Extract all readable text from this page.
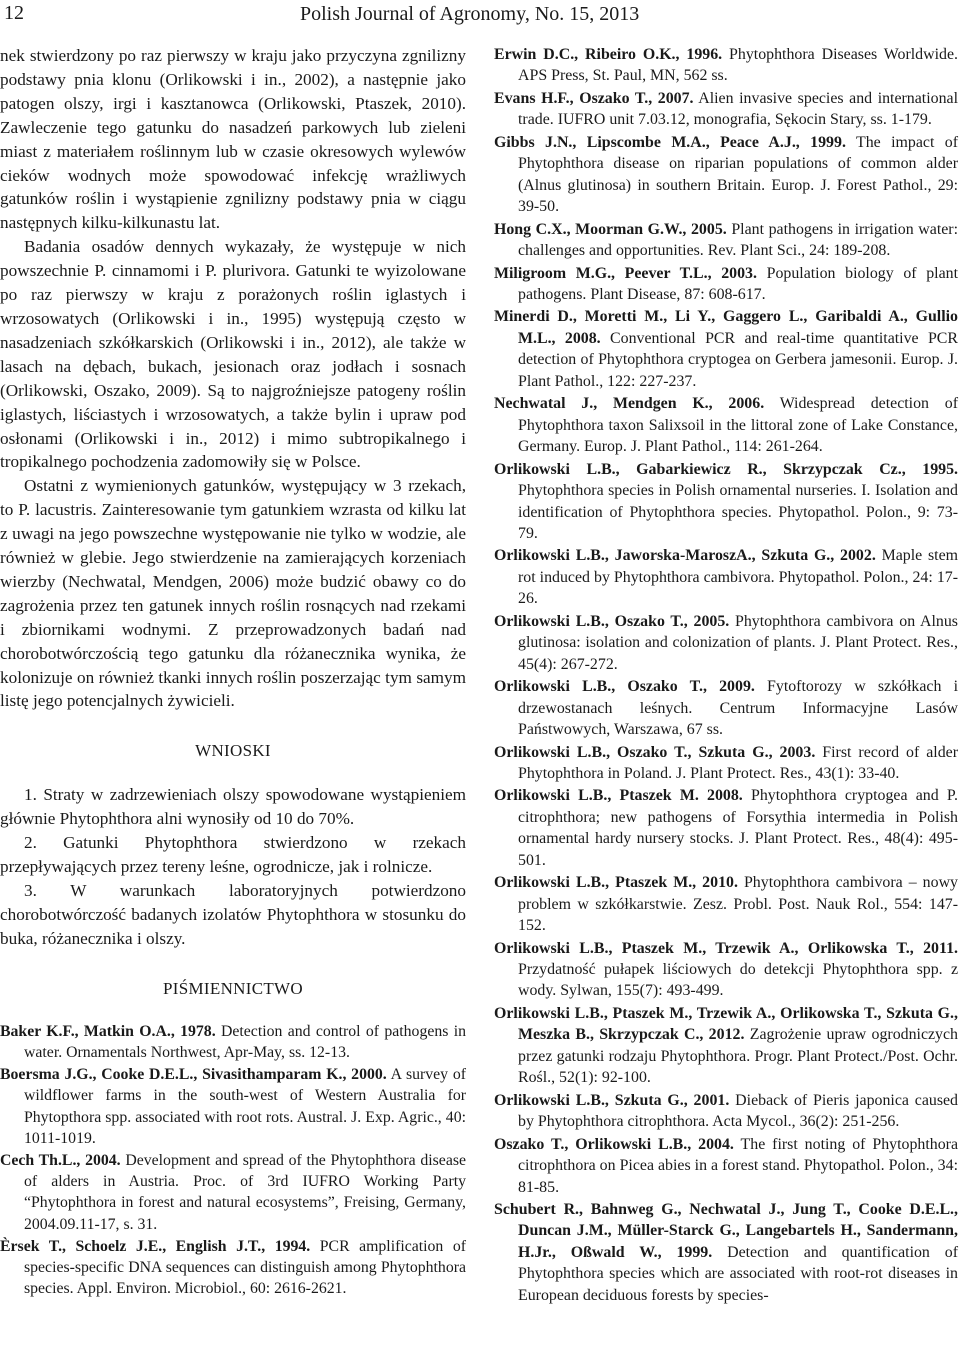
12	Polish Journal of Agronomy, No. 15, 2013

nek stwierdzony po raz pierwszy w kraju jako przyczyna zgnilizny podstawy pnia klonu (Orlikowski i in., 2002), a następnie jako patogen olszy, irgi i kasztanowca (Orlikowski, Ptaszek, 2010). Zawleczenie tego gatunku do nasadzeń parkowych lub zieleni miast z materiałem roślinnym lub w czasie okresowych wylewów cieków wodnych może spowodować infekcję wrażliwych gatunków roślin i wystąpienie zgnilizny podstawy pnia w ciągu następnych kilku-kilkunastu lat.

Badania osadów dennych wykazały, że występuje w nich powszechnie P. cinnamomi i P. plurivora. Gatunki te wyizolowane po raz pierwszy w kraju z porażonych roślin iglastych i wrzosowatych (Orlikowski i in., 1995) występują często w nasadzeniach szkółkarskich (Orlikowski i in., 2012), ale także w lasach na dębach, bukach, jesionach oraz jodłach i sosnach (Orlikowski, Oszako, 2009). Są to najgroźniejsze patogeny roślin iglastych, liściastych i wrzosowatych, a także bylin i upraw pod osłonami (Orlikowski i in., 2012) i mimo subtropikalnego i tropikalnego pochodzenia zadomowiły się w Polsce.

Ostatni z wymienionych gatunków, występujący w 3 rzekach, to P. lacustris. Zainteresowanie tym gatunkiem wzrasta od kilku lat z uwagi na jego powszechne występowanie nie tylko w wodzie, ale również w glebie. Jego stwierdzenie na zamierających korzeniach wierzby (Nechwatal, Mendgen, 2006) może budzić obawy co do zagrożenia przez ten gatunek innych roślin rosnących nad rzekami i zbiornikami wodnymi. Z przeprowadzonych badań nad chorobotwórczością tego gatunku dla różanecznika wynika, że kolonizuje on również tkanki innych roślin poszerzając tym samym listę jego potencjalnych żywicieli.

WNIOSKI

1. Straty w zadrzewieniach olszy spowodowane wystąpieniem głównie Phytophthora alni wynosiły od 10 do 70%.

2. Gatunki Phytophthora stwierdzono w rzekach przepływających przez tereny leśne, ogrodnicze, jak i rolnicze.

3. W warunkach laboratoryjnych potwierdzono chorobotwórczość badanych izolatów Phytophthora w stosunku do buka, różanecznika i olszy.

PIŚMIENNICTWO
Baker K.F., Matkin O.A., 1978. Detection and control of pathogens in water. Ornamentals Northwest, Apr-May, ss. 12-13.
Boersma J.G., Cooke D.E.L., Sivasithamparam K., 2000. A survey of wildflower farms in the south-west of Western Australia for Phytopthora spp. associated with root rots. Austral. J. Exp. Agric., 40: 1011-1019.
Cech Th.L., 2004. Development and spread of the Phytophthora disease of alders in Austria. Proc. of 3rd IUFRO Working Party “Phytophthora in forest and natural ecosystems”, Freising, Germany, 2004.09.11-17, s. 31.
Èrsek T., Schoelz J.E., English J.T., 1994. PCR amplification of species-specific DNA sequences can distinguish among Phytophthora species. Appl. Environ. Microbiol., 60: 2616-2621.
Erwin D.C., Ribeiro O.K., 1996. Phytophthora Diseases Worldwide. APS Press, St. Paul, MN, 562 ss.
Evans H.F., Oszako T., 2007. Alien invasive species and international trade. IUFRO unit 7.03.12, monografia, Sękocin Stary, ss. 1-179.
Gibbs J.N., Lipscombe M.A., Peace A.J., 1999. The impact of Phytophthora disease on riparian populations of common alder (Alnus glutinosa) in southern Britain. Europ. J. Forest Pathol., 29: 39-50.
Hong C.X., Moorman G.W., 2005. Plant pathogens in irrigation water: challenges and opportunities. Rev. Plant Sci., 24: 189-208.
Miligroom M.G., Peever T.L., 2003. Population biology of plant pathogens. Plant Disease, 87: 608-617.
Minerdi D., Moretti M., Li Y., Gaggero L., Garibaldi A., Gullio M.L., 2008. Conventional PCR and real-time quantitative PCR detection of Phytophthora cryptogea on Gerbera jamesonii. Europ. J. Plant Pathol., 122: 227-237.
Nechwatal J., Mendgen K., 2006. Widespread detection of Phytophthora taxon Salixsoil in the littoral zone of Lake Constance, Germany. Europ. J. Plant Pathol., 114: 261-264.
Orlikowski L.B., Gabarkiewicz R., Skrzypczak Cz., 1995. Phytophthora species in Polish ornamental nurseries. I. Isolation and identification of Phytophthora species. Phytopathol. Polon., 9: 73-79.
Orlikowski L.B., Jaworska-MaroszA., Szkuta G., 2002. Maple stem rot induced by Phytophthora cambivora. Phytopathol. Polon., 24: 17-26.
Orlikowski L.B., Oszako T., 2005. Phytophthora cambivora on Alnus glutinosa: isolation and colonization of plants. J. Plant Protect. Res., 45(4): 267-272.
Orlikowski L.B., Oszako T., 2009. Fytoftorozy w szkółkach i drzewostanach leśnych. Centrum Informacyjne Lasów Państwowych, Warszawa, 67 ss.
Orlikowski L.B., Oszako T., Szkuta G., 2003. First record of alder Phytophthora in Poland. J. Plant Protect. Res., 43(1): 33-40.
Orlikowski L.B., Ptaszek M. 2008. Phytophthora cryptogea and P. citrophthora; new pathogens of Forsythia intermedia in Polish ornamental hardy nursery stocks. J. Plant Protect. Res., 48(4): 495-501.
Orlikowski L.B., Ptaszek M., 2010. Phytophthora cambivora – nowy problem w szkółkarstwie. Zesz. Probl. Post. Nauk Rol., 554: 147-152.
Orlikowski L.B., Ptaszek M., Trzewik A., Orlikowska T., 2011. Przydatność pułapek liściowych do detekcji Phytophthora spp. z wody. Sylwan, 155(7): 493-499.
Orlikowski L.B., Ptaszek M., Trzewik A., Orlikowska T., Szkuta G., Meszka B., Skrzypczak C., 2012. Zagrożenie upraw ogrodniczych przez gatunki rodzaju Phytophthora. Progr. Plant Protect./Post. Ochr. Rośl., 52(1): 92-100.
Orlikowski L.B., Szkuta G., 2001. Dieback of Pieris japonica caused by Phytophthora citrophthora. Acta Mycol., 36(2): 251-256.
Oszako T., Orlikowski L.B., 2004. The first noting of Phytophthora citrophthora on Picea abies in a forest stand. Phytopathol. Polon., 34: 81-85.
Schubert R., Bahnweg G., Nechwatal J., Jung T., Cooke D.E.L., Duncan J.M., Müller-Starck G., Langebartels H., Sandermann, H.Jr., Oßwald W., 1999. Detection and quantification of Phytophthora species which are associated with root-rot diseases in European deciduous forests by species-
